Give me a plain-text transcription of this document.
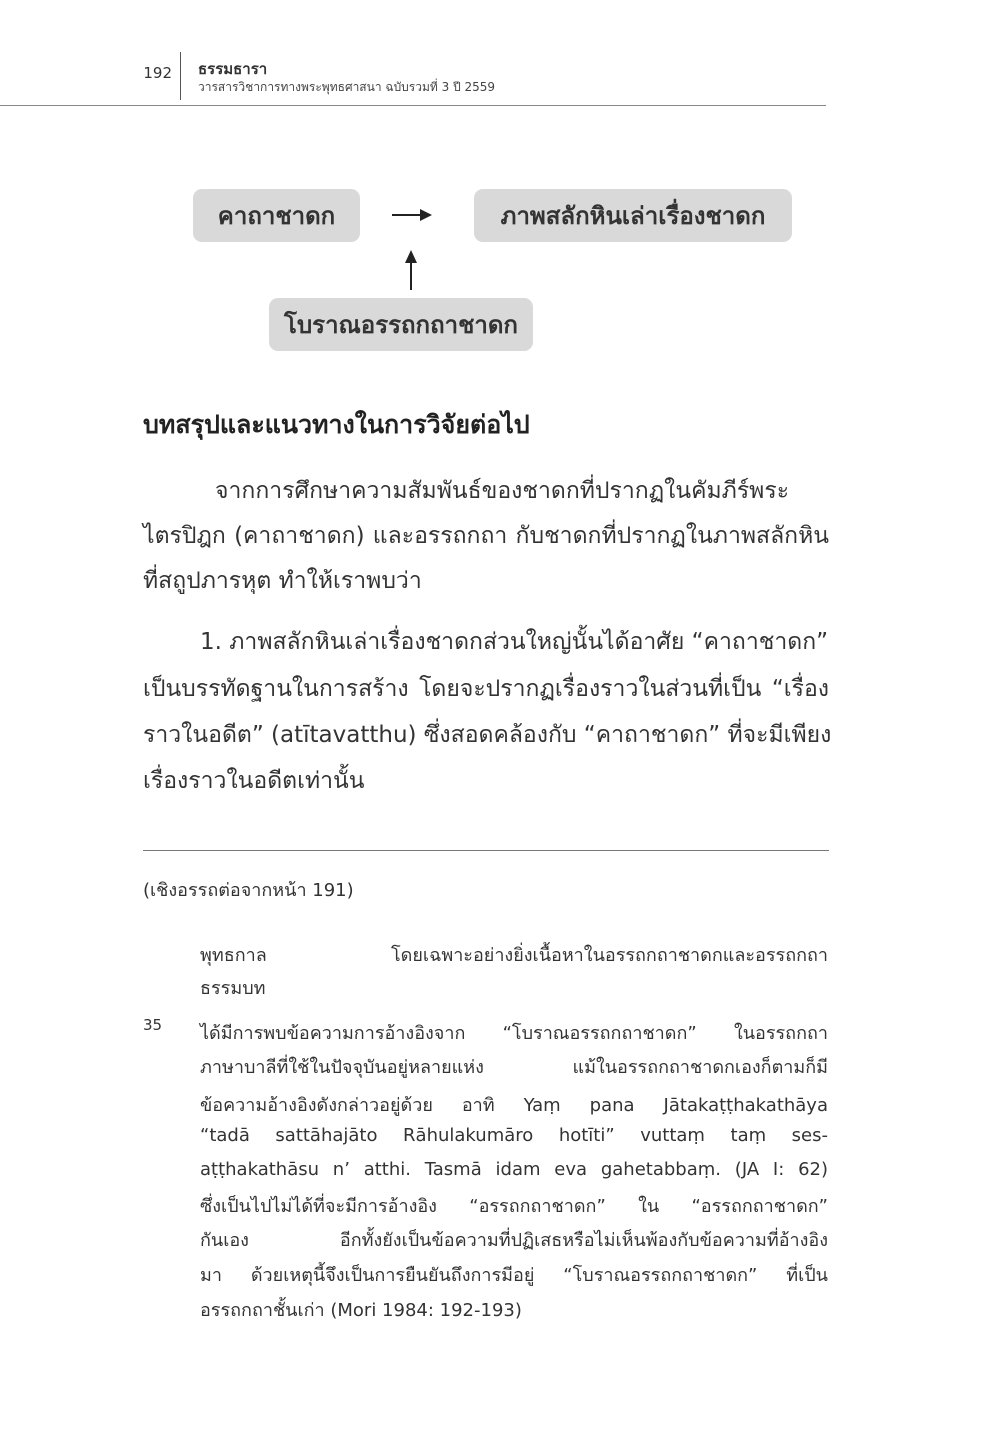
192 ธรรมธารา
วารสารวิชาการทางพระพุทธศาสนา ฉบับรวมที่ 3 ปี 2559
คาถาชาดก	ภาพสลักหินเล่าเรื่องชาดก
โบราณอรรถกถาชาดก
บทสรุปและแนวทางในการวิจัยต่อไป
จากการศึกษาความสัมพันธ์ของชาดกที่ปรากฏในคัมภีร์พระ
ไตรปิฎก (คาถาชาดก) และอรรถกถา กับชาดกที่ปรากฏในภาพสลักหิน
ที่สถูปภารหุต ทำให้เราพบว่า
1. ภาพสลักหินเล่าเรื่องชาดกส่วนใหญ่นั้นได้อาศัย “คาถาชาดก”
เป็นบรรทัดฐานในการสร้าง โดยจะปรากฏเรื่องราวในส่วนที่เป็น “เรื่อง
ราวในอดีต” (atītavatthu) ซึ่งสอดคล้องกับ “คาถาชาดก” ที่จะมีเพียง
เรื่องราวในอดีตเท่านั้น
(เชิงอรรถต่อจากหน้า 191)
พุทธกาล โดยเฉพาะอย่างยิ่งเนื้อหาในอรรถกถาชาดกและอรรถกถา
ธรรมบท
35 ได้มีการพบข้อความการอ้างอิงจาก “โบราณอรรถกถาชาดก” ในอรรถกถา
ภาษาบาลีที่ใช้ในปัจจุบันอยู่หลายแห่ง แม้ในอรรถกถาชาดกเองก็ตามก็มี
ข้อความอ้างอิงดังกล่าวอยู่ด้วย อาทิ Yaṃ pana Jātakaṭṭhakathāya
“tadā sattāhajāto Rāhulakumāro hotīti” vuttaṃ taṃ ses-
aṭṭhakathāsu n’ atthi. Tasmā idam eva gahetabbaṃ. (JA I: 62)
ซึ่งเป็นไปไม่ได้ที่จะมีการอ้างอิง “อรรถกถาชาดก” ใน “อรรถกถาชาดก”
กันเอง อีกทั้งยังเป็นข้อความที่ปฏิเสธหรือไม่เห็นพ้องกับข้อความที่อ้างอิง
มา ด้วยเหตุนี้จึงเป็นการยืนยันถึงการมีอยู่ “โบราณอรรถกถาชาดก” ที่เป็น
อรรถกถาชั้นเก่า (Mori 1984: 192-193)
